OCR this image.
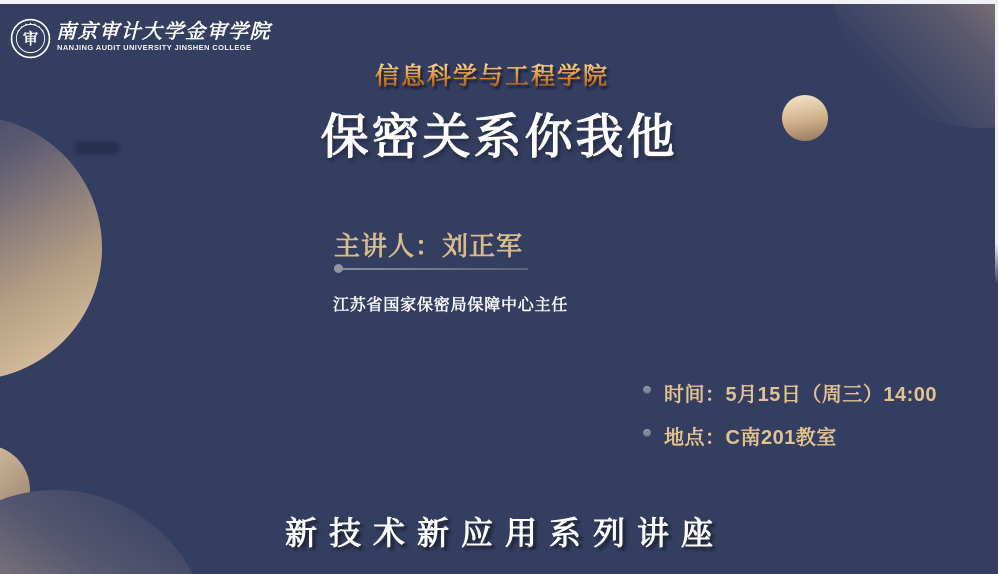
审 南京审计大学金审学院
NANJING AUDIT UNIVERSITY JINSHEN COLLEGE
信息科学与工程学院
保密关系你我他
主讲人：刘正军
江苏省国家保密局保障中心主任
时间：5月15日（周三）14:00
地点：C南201教室
新技术新应用系列讲座
